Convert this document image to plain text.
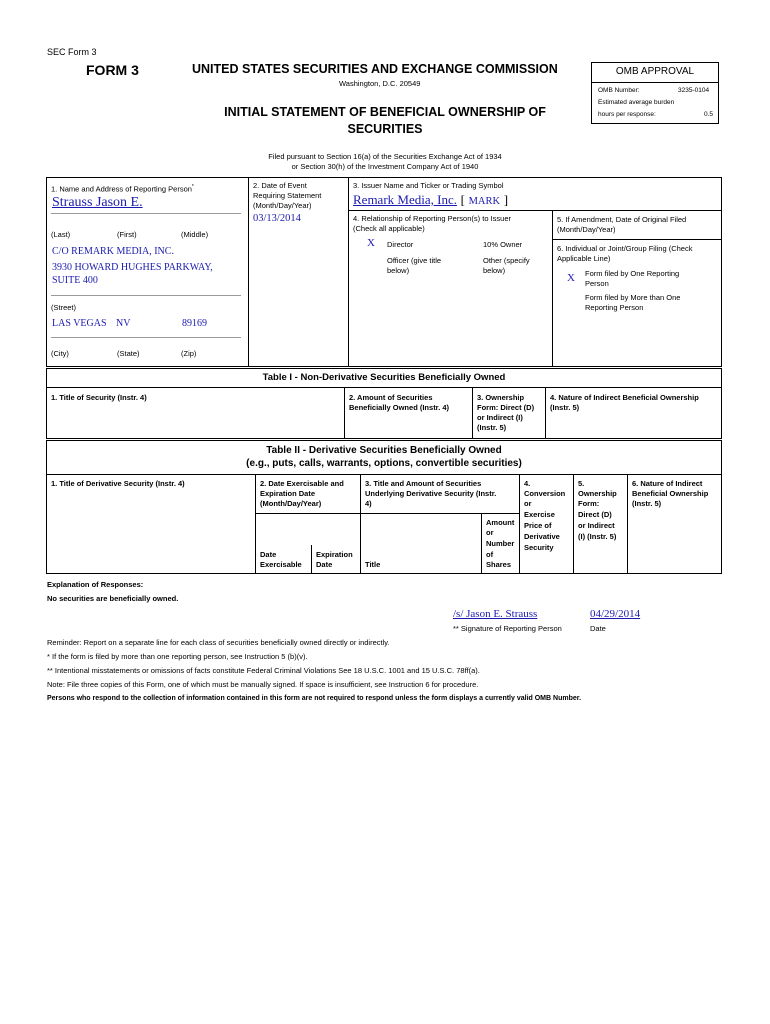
SEC Form 3
FORM 3	UNITED STATES SECURITIES AND EXCHANGE COMMISSION
Washington, D.C. 20549
INITIAL STATEMENT OF BENEFICIAL OWNERSHIP OF SECURITIES
OMB APPROVAL
OMB Number:	3235-0104
Estimated average burden
hours per response:	0.5
Filed pursuant to Section 16(a) of the Securities Exchange Act of 1934
or Section 30(h) of the Investment Company Act of 1940
1. Name and Address of Reporting Person*
Strauss Jason E.
(Last)	(First)	(Middle)
C/O REMARK MEDIA, INC.
3930 HOWARD HUGHES PARKWAY,
SUITE 400
(Street)
LAS VEGAS NV	89169
(City)	(State)	(Zip)
2. Date of Event
Requiring Statement
(Month/Day/Year)
03/13/2014
3. Issuer Name and Ticker or Trading Symbol
Remark Media, Inc. [ MARK ]
4. Relationship of Reporting Person(s) to Issuer
(Check all applicable)
X Director	10% Owner
Officer (give title
below)
Other (specify
below)
5. If Amendment, Date of Original Filed
(Month/Day/Year)
6. Individual or Joint/Group Filing (Check
Applicable Line)
X Form filed by One Reporting
Person
Form filed by More than One
Reporting Person
Table I - Non-Derivative Securities Beneficially Owned
1. Title of Security (Instr. 4)	2. Amount of Securities
Beneficially Owned (Instr. 4)
3. Ownership
Form: Direct (D)
or Indirect (I)
(Instr. 5)
4. Nature of Indirect Beneficial Ownership
(Instr. 5)
Table II - Derivative Securities Beneficially Owned
(e.g., puts, calls, warrants, options, convertible securities)
1. Title of Derivative Security (Instr. 4)	2. Date Exercisable and
Expiration Date
(Month/Day/Year)
Date
Exercisable
Expiration
Date
3. Title and Amount of Securities
Underlying Derivative Security (Instr.
4)
Title
Amount
or
Number
of
Shares
4.
Conversion
or
Exercise
Price of
Derivative
Security
5.
Ownership
Form:
Direct (D)
or Indirect
(I) (Instr. 5)
6. Nature of Indirect
Beneficial Ownership
(Instr. 5)
Explanation of Responses:
No securities are beneficially owned.
/s/ Jason E. Strauss	04/29/2014
** Signature of Reporting Person	Date
Reminder: Report on a separate line for each class of securities beneficially owned directly or indirectly.
* If the form is filed by more than one reporting person, see Instruction 5 (b)(v).
** Intentional misstatements or omissions of facts constitute Federal Criminal Violations See 18 U.S.C. 1001 and 15 U.S.C. 78ff(a).
Note: File three copies of this Form, one of which must be manually signed. If space is insufficient, see Instruction 6 for procedure.
Persons who respond to the collection of information contained in this form are not required to respond unless the form displays a currently valid OMB Number.
